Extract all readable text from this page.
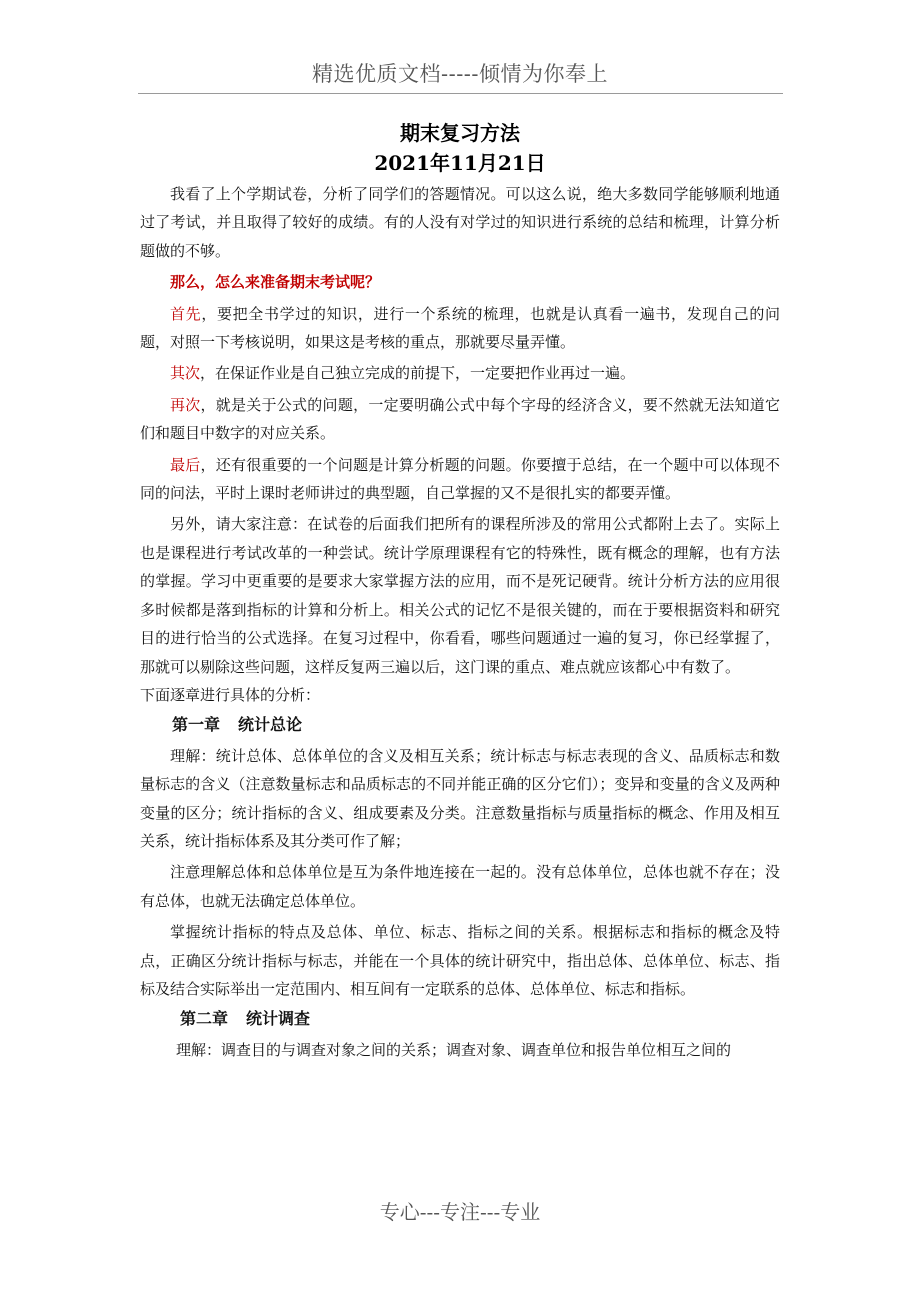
精选优质文档-----倾情为你奉上
期末复习方法
2021年11月21日

我看了上个学期试卷，分析了同学们的答题情况。可以这么说，绝大多数同学能够顺利地通过了考试，并且取得了较好的成绩。有的人没有对学过的知识进行系统的总结和梳理，计算分析题做的不够。

那么，怎么来准备期末考试呢？

首先，要把全书学过的知识，进行一个系统的梳理，也就是认真看一遍书，发现自己的问题，对照一下考核说明，如果这是考核的重点，那就要尽量弄懂。

其次，在保证作业是自己独立完成的前提下，一定要把作业再过一遍。

再次，就是关于公式的问题，一定要明确公式中每个字母的经济含义，要不然就无法知道它们和题目中数字的对应关系。

最后，还有很重要的一个问题是计算分析题的问题。你要擅于总结，在一个题中可以体现不同的问法，平时上课时老师讲过的典型题，自己掌握的又不是很扎实的都要弄懂。

另外，请大家注意：在试卷的后面我们把所有的课程所涉及的常用公式都附上去了。实际上也是课程进行考试改革的一种尝试。统计学原理课程有它的特殊性，既有概念的理解，也有方法的掌握。学习中更重要的是要求大家掌握方法的应用，而不是死记硬背。统计分析方法的应用很多时候都是落到指标的计算和分析上。相关公式的记忆不是很关键的，而在于要根据资料和研究目的进行恰当的公式选择。在复习过程中，你看看，哪些问题通过一遍的复习，你已经掌握了，那就可以剔除这些问题，这样反复两三遍以后，这门课的重点、难点就应该都心中有数了。

下面逐章进行具体的分析：

第一章 统计总论

理解：统计总体、总体单位的含义及相互关系；统计标志与标志表现的含义、品质标志和数量标志的含义（注意数量标志和品质标志的不同并能正确的区分它们）；变异和变量的含义及两种变量的区分；统计指标的含义、组成要素及分类。注意数量指标与质量指标的概念、作用及相互关系，统计指标体系及其分类可作了解；

注意理解总体和总体单位是互为条件地连接在一起的。没有总体单位，总体也就不存在；没有总体，也就无法确定总体单位。

掌握统计指标的特点及总体、单位、标志、指标之间的关系。根据标志和指标的概念及特点，正确区分统计指标与标志，并能在一个具体的统计研究中，指出总体、总体单位、标志、指标及结合实际举出一定范围内、相互间有一定联系的总体、总体单位、标志和指标。

第二章 统计调查

理解：调查目的与调查对象之间的关系；调查对象、调查单位和报告单位相互之间的

专心---专注---专业
